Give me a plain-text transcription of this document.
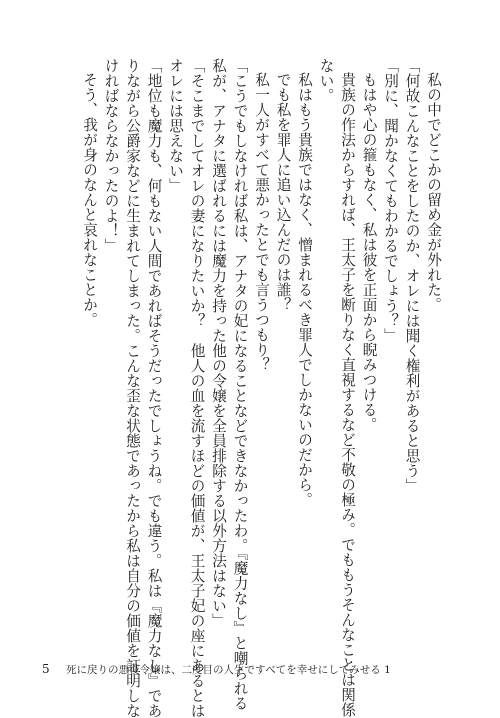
私の中でどこかの留め金が外れた。

「何故こんなことをしたのか、オレには聞く権利があると思う」

「別に、聞かなくてもわかるでしょう？」

もはや心の箍もなく、私は彼を正面から睨みつける。

貴族の作法からすれば、王太子を断りなく直視するなど不敬の極み。でももうそんなことは関係

ない。

私はもう貴族ではなく、憎まれるべき罪人でしかないのだから。

でも私を罪人に追い込んだのは誰？

私一人がすべて悪かったとでも言うつもり？

「こうでもしなければ私は、アナタの妃になることなどできなかったわ。『魔力なし』と嘲られる

私が、アナタに選ばれるには魔力を持った他の令嬢を全員排除する以外方法はない」

「そこまでしてオレの妻になりたいか？　他人の血を流すほどの価値が、王太子妃の座にあるとは

オレには思えない」

「地位も魔力も、何もない人間であればそうだったでしょうね。でも違う。私は『魔力なし』であ

りながら公爵家などに生まれてしまった。こんな歪な状態であったから私は自分の価値を証明しな

ければならなかったのよ！」

そう、我が身のなんと哀れなことか。

5 死に戻りの悪役令嬢は、二度目の人生ですべてを幸せにしてみせる 1
